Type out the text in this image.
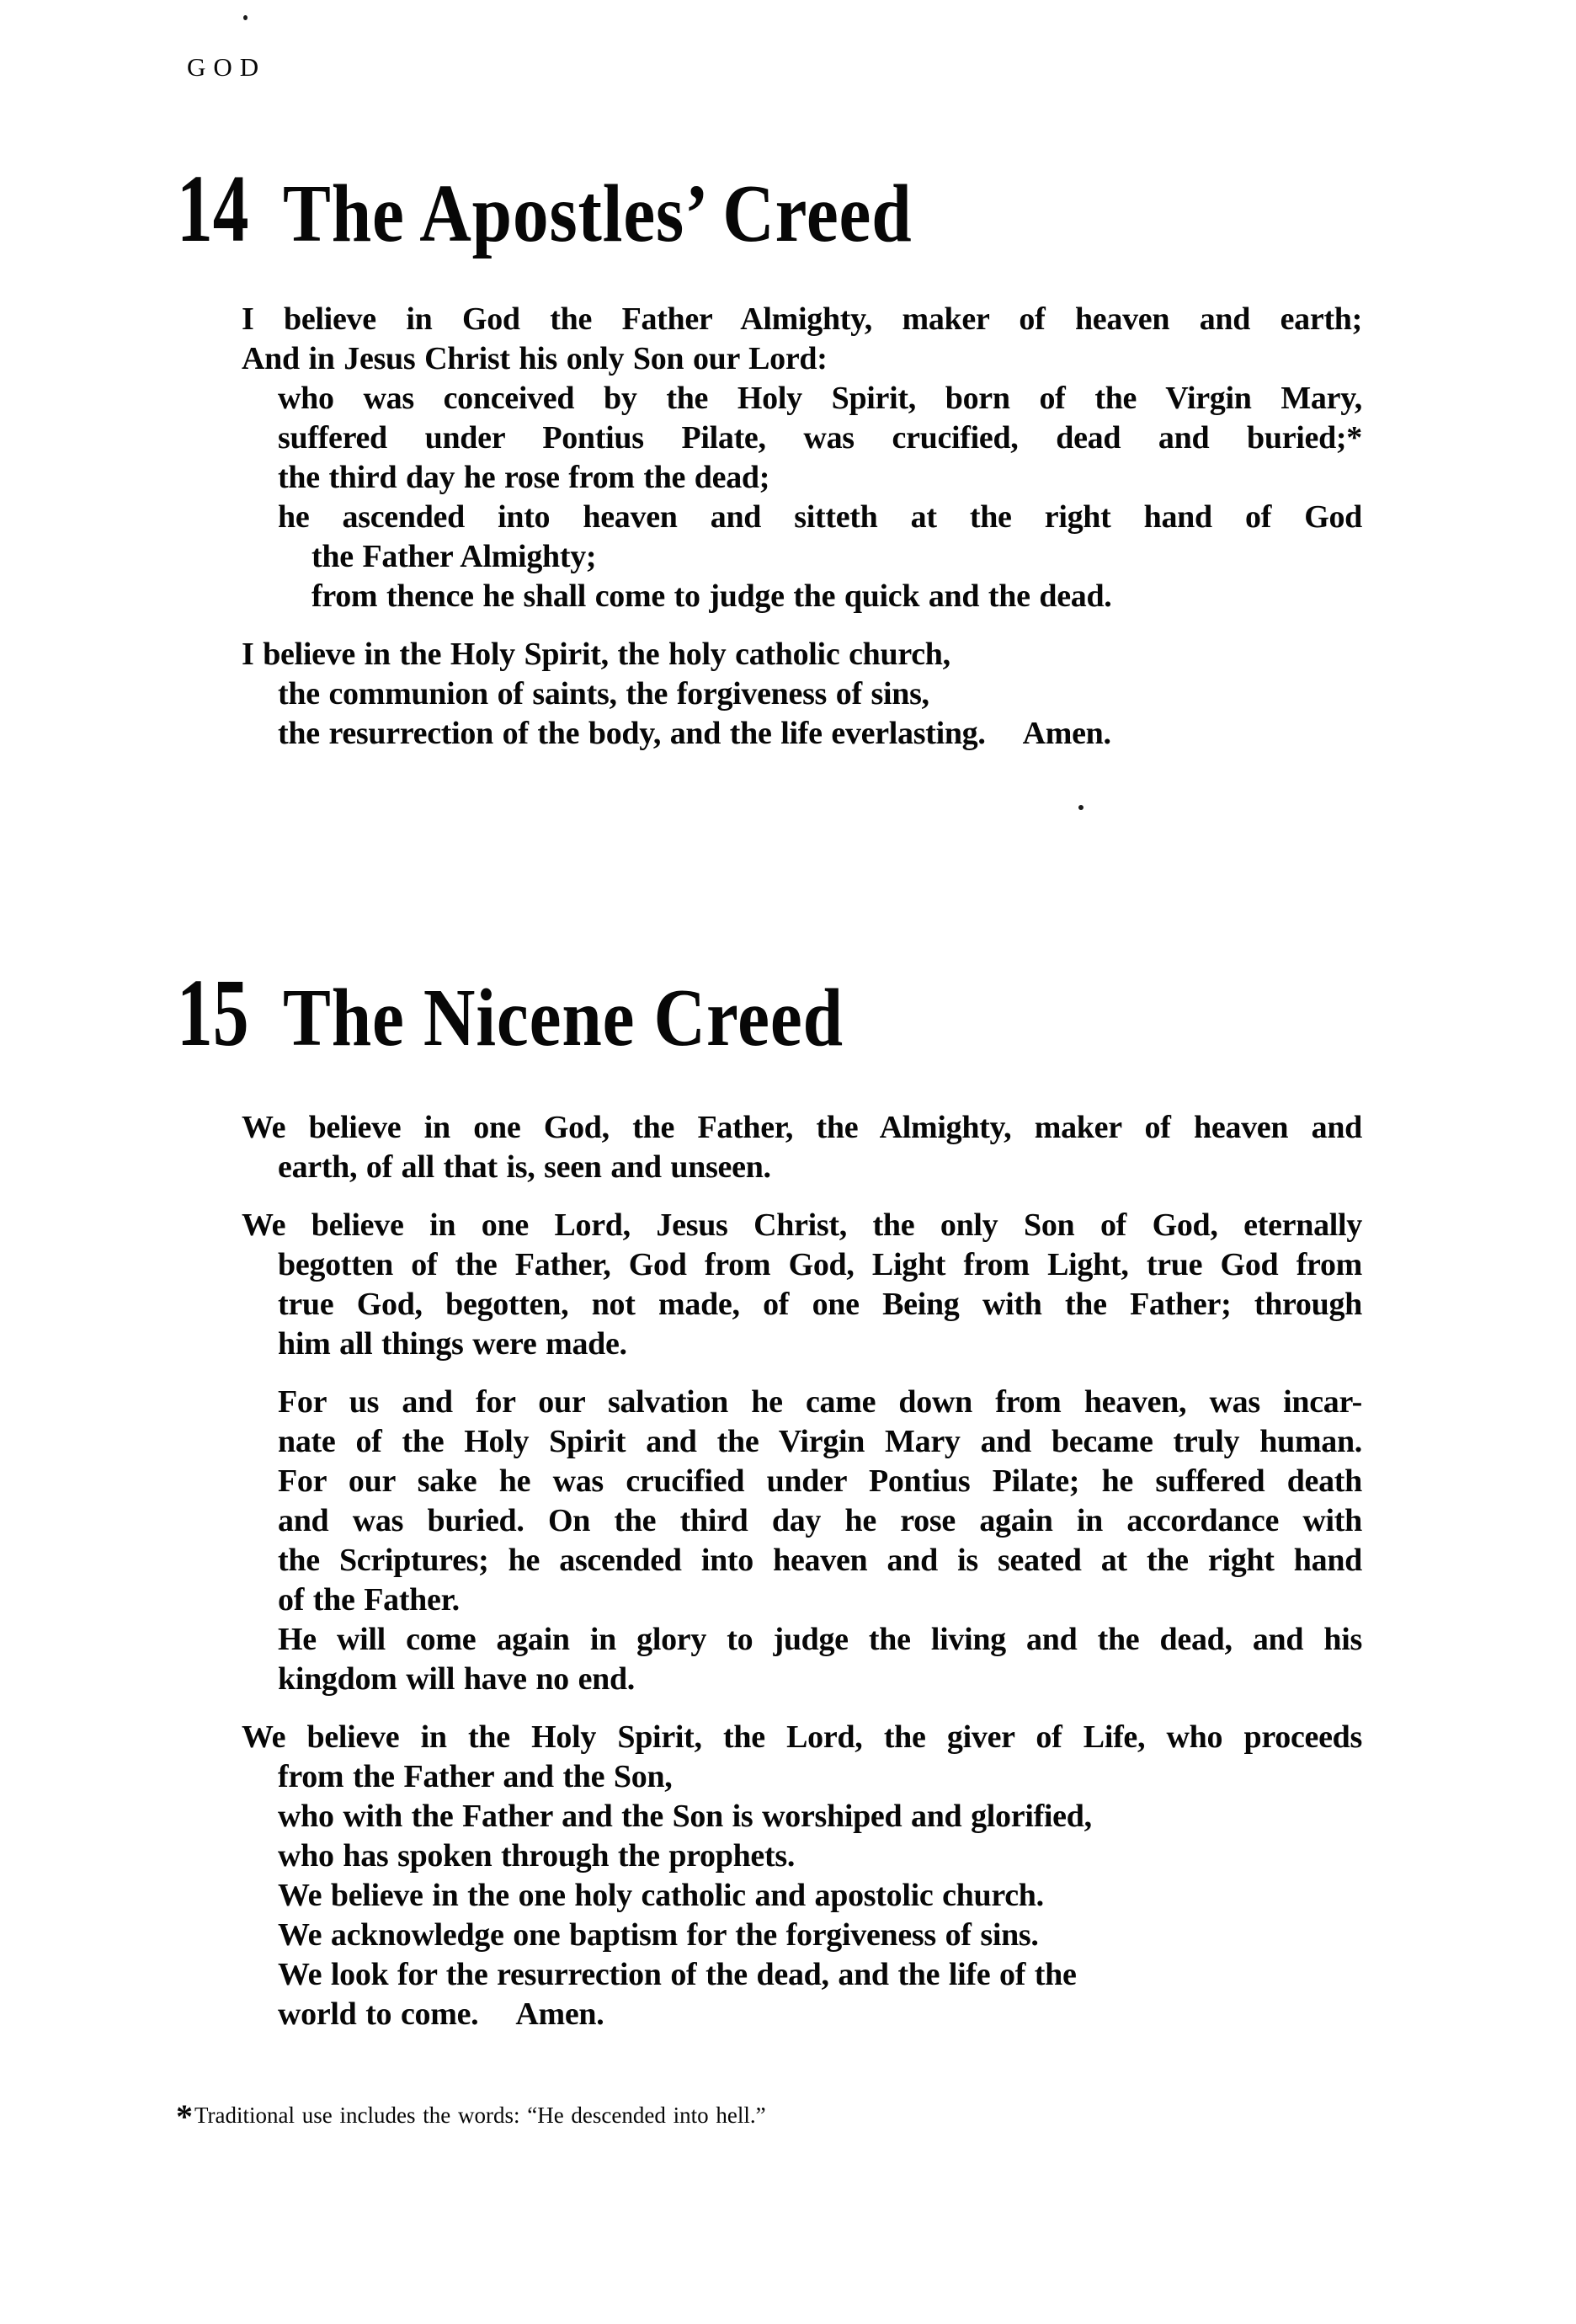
GOD
14 The Apostles’ Creed
I believe in God the Father Almighty, maker of heaven and earth;
And in Jesus Christ his only Son our Lord:
who was conceived by the Holy Spirit, born of the Virgin Mary,
suffered under Pontius Pilate, was crucified, dead and buried;*
the third day he rose from the dead;
he ascended into heaven and sitteth at the right hand of God
the Father Almighty;
from thence he shall come to judge the quick and the dead.
I believe in the Holy Spirit, the holy catholic church,
the communion of saints, the forgiveness of sins,
the resurrection of the body, and the life everlasting. Amen.
15 The Nicene Creed
We believe in one God, the Father, the Almighty, maker of heaven and
earth, of all that is, seen and unseen.
We believe in one Lord, Jesus Christ, the only Son of God, eternally
begotten of the Father, God from God, Light from Light, true God from
true God, begotten, not made, of one Being with the Father; through
him all things were made.
For us and for our salvation he came down from heaven, was incar-
nate of the Holy Spirit and the Virgin Mary and became truly human.
For our sake he was crucified under Pontius Pilate; he suffered death
and was buried. On the third day he rose again in accordance with
the Scriptures; he ascended into heaven and is seated at the right hand
of the Father.
He will come again in glory to judge the living and the dead, and his
kingdom will have no end.
We believe in the Holy Spirit, the Lord, the giver of Life, who proceeds
from the Father and the Son,
who with the Father and the Son is worshiped and glorified,
who has spoken through the prophets.
We believe in the one holy catholic and apostolic church.
We acknowledge one baptism for the forgiveness of sins.
We look for the resurrection of the dead, and the life of the
world to come. Amen.
*Traditional use includes the words: “He descended into hell.”
